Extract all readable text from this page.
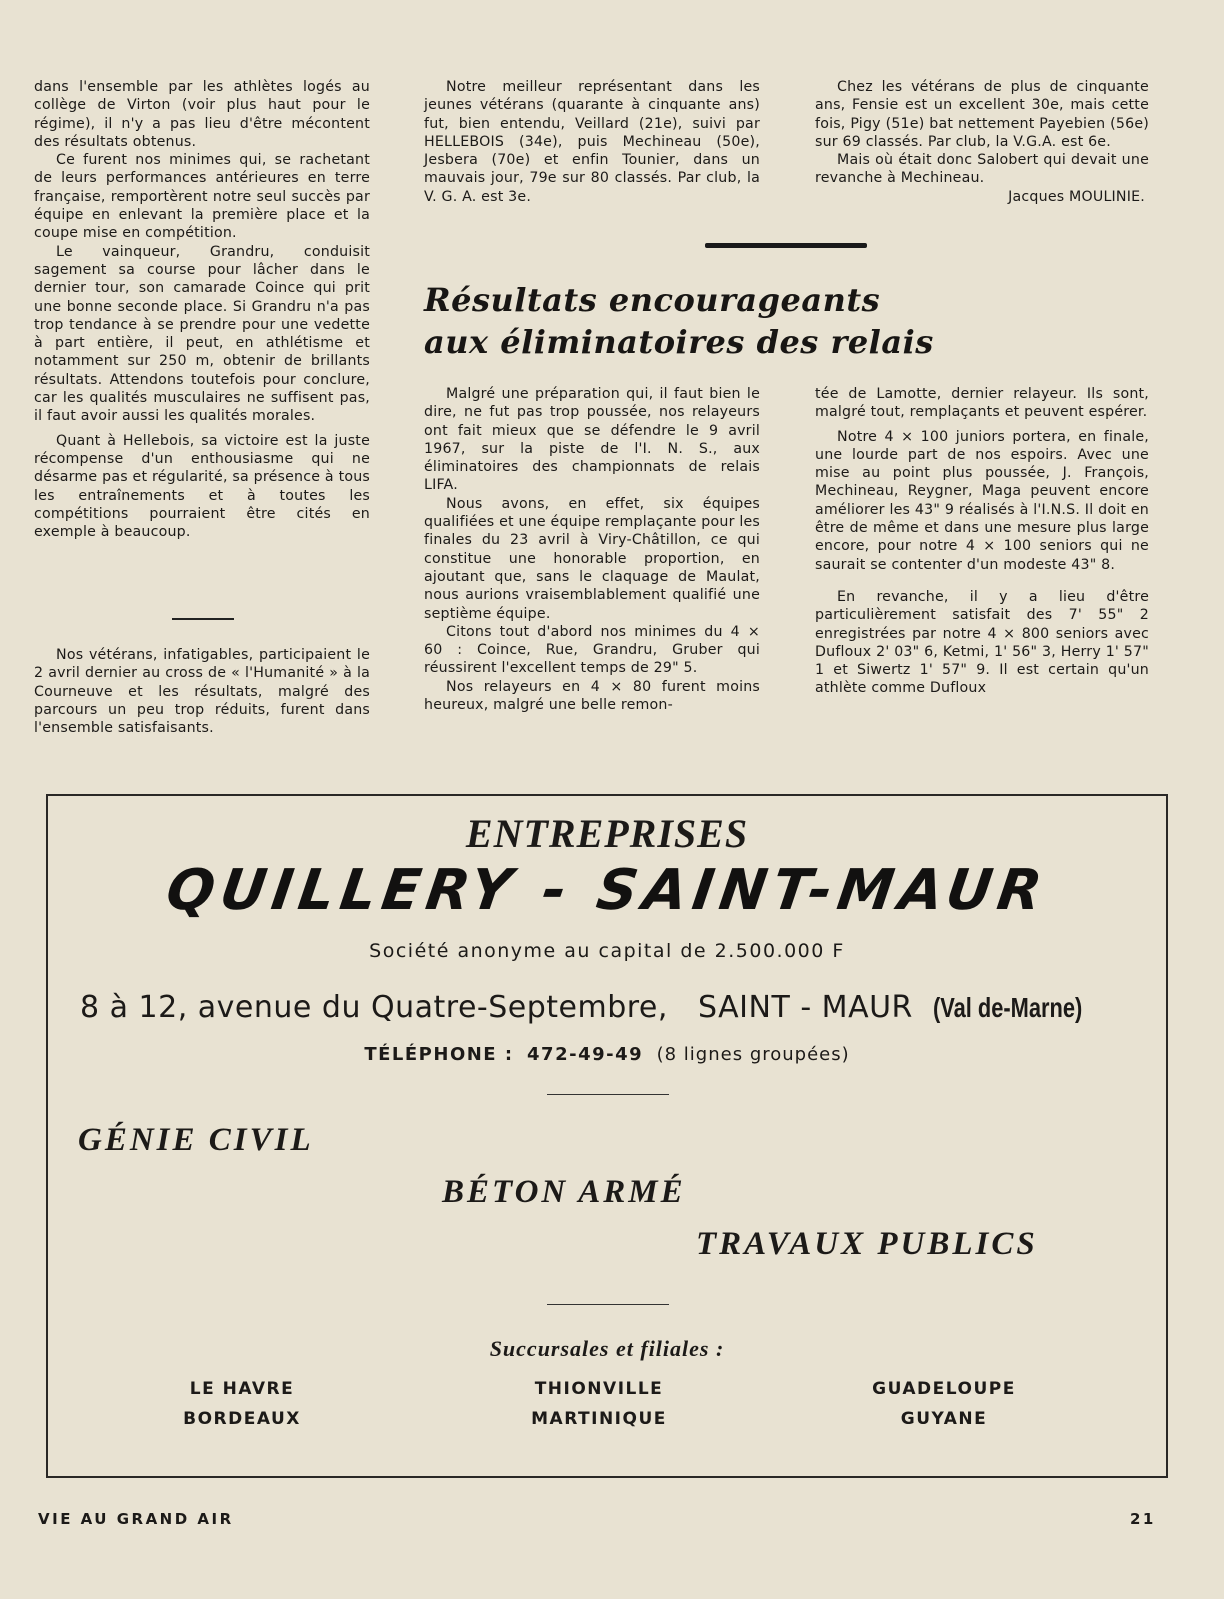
dans l'ensemble par les athlètes logés au collège de Virton (voir plus haut pour le régime), il n'y a pas lieu d'être mécontent des résultats obtenus.

Ce furent nos minimes qui, se rachetant de leurs performances antérieures en terre française, remportèrent notre seul succès par équipe en enlevant la première place et la coupe mise en compétition.

Le vainqueur, Grandru, conduisit sagement sa course pour lâcher dans le dernier tour, son camarade Coince qui prit une bonne seconde place. Si Grandru n'a pas trop tendance à se prendre pour une vedette à part entière, il peut, en athlétisme et notamment sur 250 m, obtenir de brillants résultats. Attendons toutefois pour conclure, car les qualités musculaires ne suffisent pas, il faut avoir aussi les qualités morales.

Quant à Hellebois, sa victoire est la juste récompense d'un enthousiasme qui ne désarme pas et régularité, sa présence à tous les entraînements et à toutes les compétitions pourraient être cités en exemple à beaucoup.

Nos vétérans, infatigables, participaient le 2 avril dernier au cross de « l'Humanité » à la Courneuve et les résultats, malgré des parcours un peu trop réduits, furent dans l'ensemble satisfaisants.

Notre meilleur représentant dans les jeunes vétérans (quarante à cinquante ans) fut, bien entendu, Veillard (21e), suivi par HELLEBOIS (34e), puis Mechineau (50e), Jesbera (70e) et enfin Tounier, dans un mauvais jour, 79e sur 80 classés. Par club, la V. G. A. est 3e.

Chez les vétérans de plus de cinquante ans, Fensie est un excellent 30e, mais cette fois, Pigy (51e) bat nettement Payebien (56e) sur 69 classés. Par club, la V.G.A. est 6e.

Mais où était donc Salobert qui devait une revanche à Mechineau.

Jacques MOULINIE.
Résultats encourageants
aux éliminatoires des relais

Malgré une préparation qui, il faut bien le dire, ne fut pas trop poussée, nos relayeurs ont fait mieux que se défendre le 9 avril 1967, sur la piste de l'I. N. S., aux éliminatoires des championnats de relais LIFA.

Nous avons, en effet, six équipes qualifiées et une équipe remplaçante pour les finales du 23 avril à Viry-Châtillon, ce qui constitue une honorable proportion, en ajoutant que, sans le claquage de Maulat, nous aurions vraisemblablement qualifié une septième équipe.

Citons tout d'abord nos minimes du 4 × 60 : Coince, Rue, Grandru, Gruber qui réussirent l'excellent temps de 29" 5.

Nos relayeurs en 4 × 80 furent moins heureux, malgré une belle remon-

tée de Lamotte, dernier relayeur. Ils sont, malgré tout, remplaçants et peuvent espérer.

Notre 4 × 100 juniors portera, en finale, une lourde part de nos espoirs. Avec une mise au point plus poussée, J. François, Mechineau, Reygner, Maga peuvent encore améliorer les 43" 9 réalisés à l'I.N.S. Il doit en être de même et dans une mesure plus large encore, pour notre 4 × 100 seniors qui ne saurait se contenter d'un modeste 43" 8.

En revanche, il y a lieu d'être particulièrement satisfait des 7' 55" 2 enregistrées par notre 4 × 800 seniors avec Dufloux 2' 03" 6, Ketmi, 1' 56" 3, Herry 1' 57" 1 et Siwertz 1' 57" 9. Il est certain qu'un athlète comme Dufloux

ENTREPRISES
QUILLERY - SAINT-MAUR
Société anonyme au capital de 2.500.000 F
8 à 12, avenue du Quatre-Septembre, SAINT - MAUR (Val de-Marne)
TÉLÉPHONE : 472-49-49 (8 lignes groupées)
GÉNIE CIVIL
BÉTON ARMÉ
TRAVAUX PUBLICS
Succursales et filiales :
LE HAVRE
BORDEAUX
THIONVILLE
MARTINIQUE
GUADELOUPE
GUYANE
VIE AU GRAND AIR	21
